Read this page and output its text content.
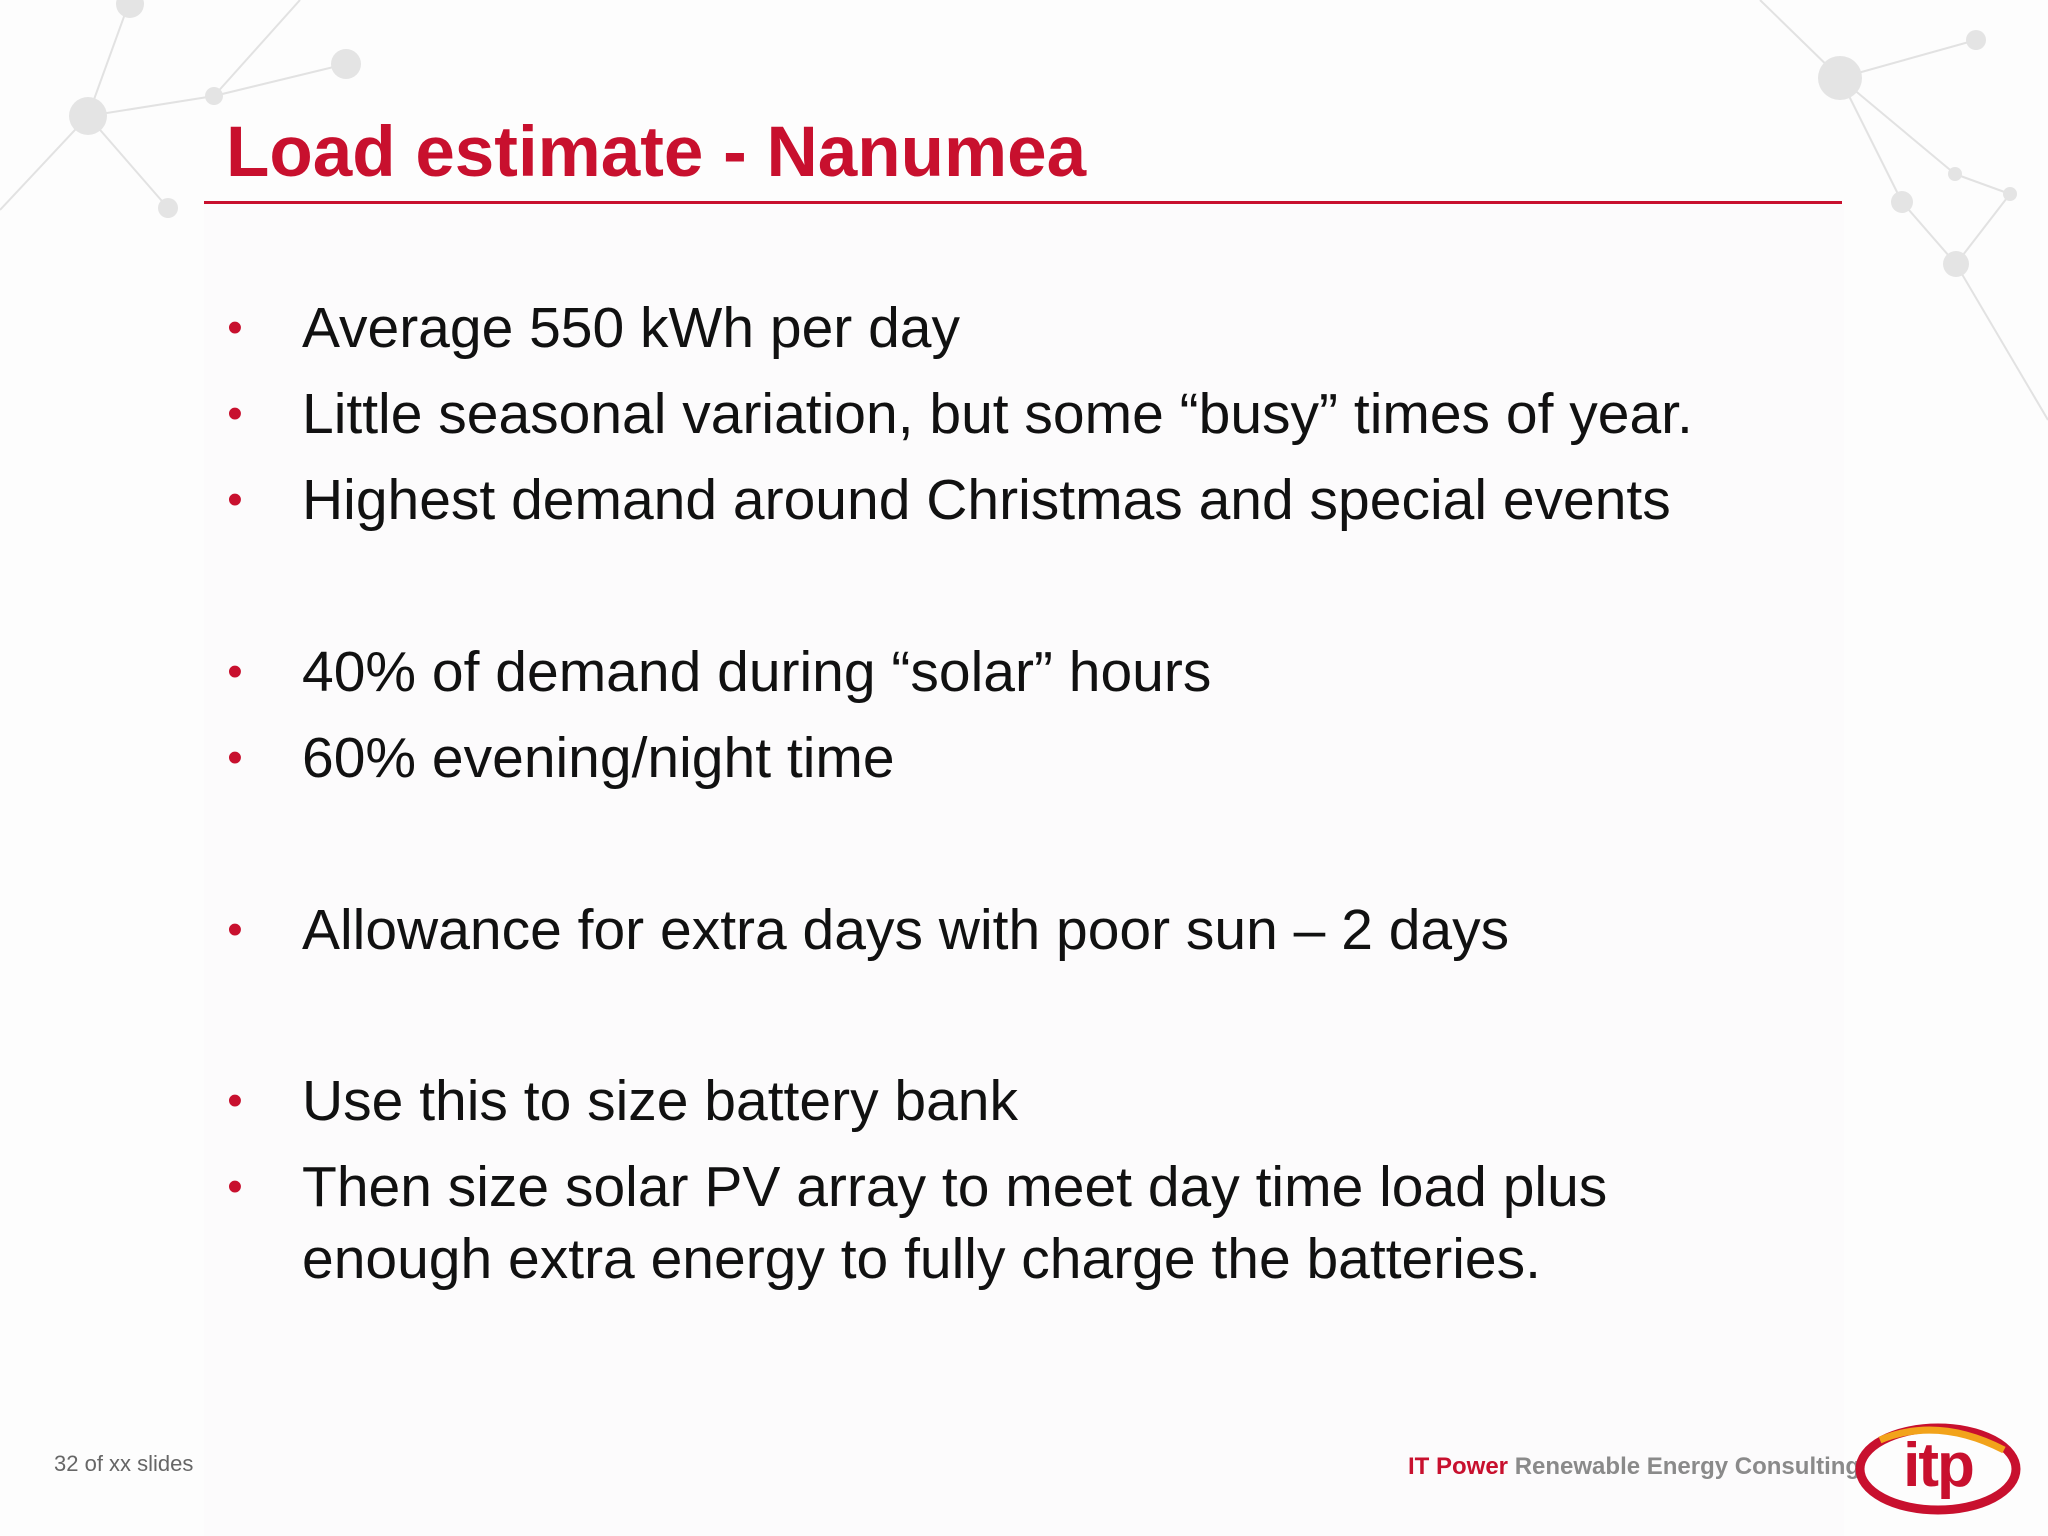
Load estimate - Nanumea
• Average 550 kWh per day
• Little seasonal variation, but some “busy” times of year.
• Highest demand around Christmas and special events
• 40% of demand during “solar” hours
• 60% evening/night time
• Allowance for extra days with poor sun – 2 days
• Use this to size battery bank
• Then size solar PV array to meet day time load plus enough extra energy to fully charge the batteries.
32 of xx slides	IT Power Renewable Energy Consulting itp
